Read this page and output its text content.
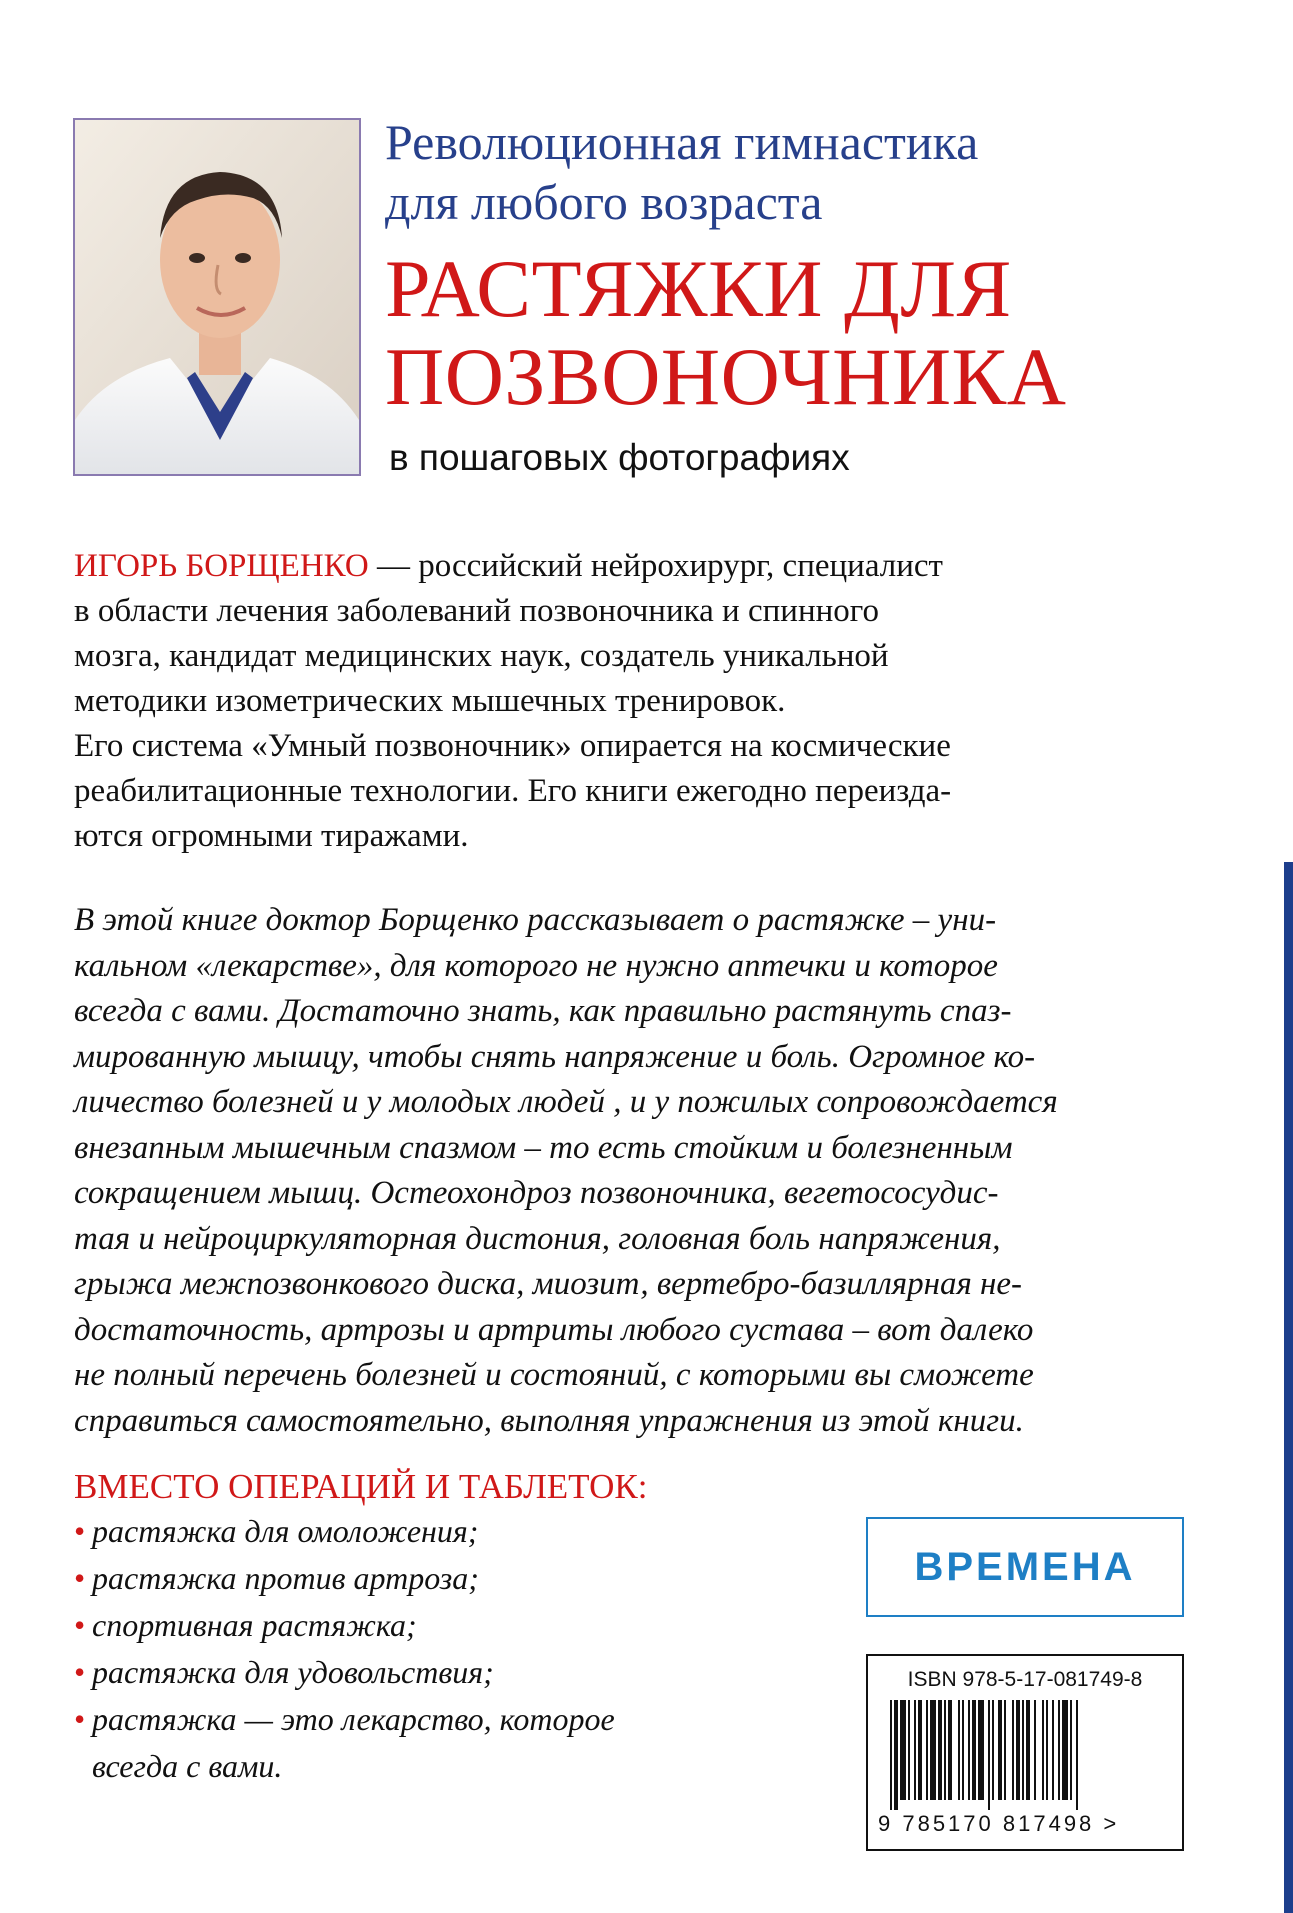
Революционная гимнастика
для любого возраста
РАСТЯЖКИ ДЛЯ
ПОЗВОНОЧНИКА
в пошаговых фотографиях
ИГОРЬ БОРЩЕНКО — российский нейрохирург, специалист
в области лечения заболеваний позвоночника и спинного
мозга, кандидат медицинских наук, создатель уникальной
методики изометрических мышечных тренировок.
Его система «Умный позвоночник» опирается на космические
реабилитационные технологии. Его книги ежегодно переизда-
ются огромными тиражами.
В этой книге доктор Борщенко рассказывает о растяжке – уни-
кальном «лекарстве», для которого не нужно аптечки и которое
всегда с вами. Достаточно знать, как правильно растянуть спаз-
мированную мышцу, чтобы снять напряжение и боль. Огромное ко-
личество болезней и у молодых людей , и у пожилых сопровождается
внезапным мышечным спазмом – то есть стойким и болезненным
сокращением мышц. Остеохондроз позвоночника, вегетососудис-
тая и нейроциркуляторная дистония, головная боль напряжения,
грыжа межпозвонкового диска, миозит, вертебро-базиллярная не-
достаточность, артрозы и артриты любого сустава – вот далеко
не полный перечень болезней и состояний, с которыми вы сможете
справиться самостоятельно, выполняя упражнения из этой книги.
ВМЕСТО ОПЕРАЦИЙ И ТАБЛЕТОК:
• растяжка для омоложения;
• растяжка против артроза;
• спортивная растяжка;
• растяжка для удовольствия;
• растяжка — это лекарство, которое
всегда с вами.
ВРЕМЕНА
ISBN 978-5-17-081749-8
9 785170 817498 >
